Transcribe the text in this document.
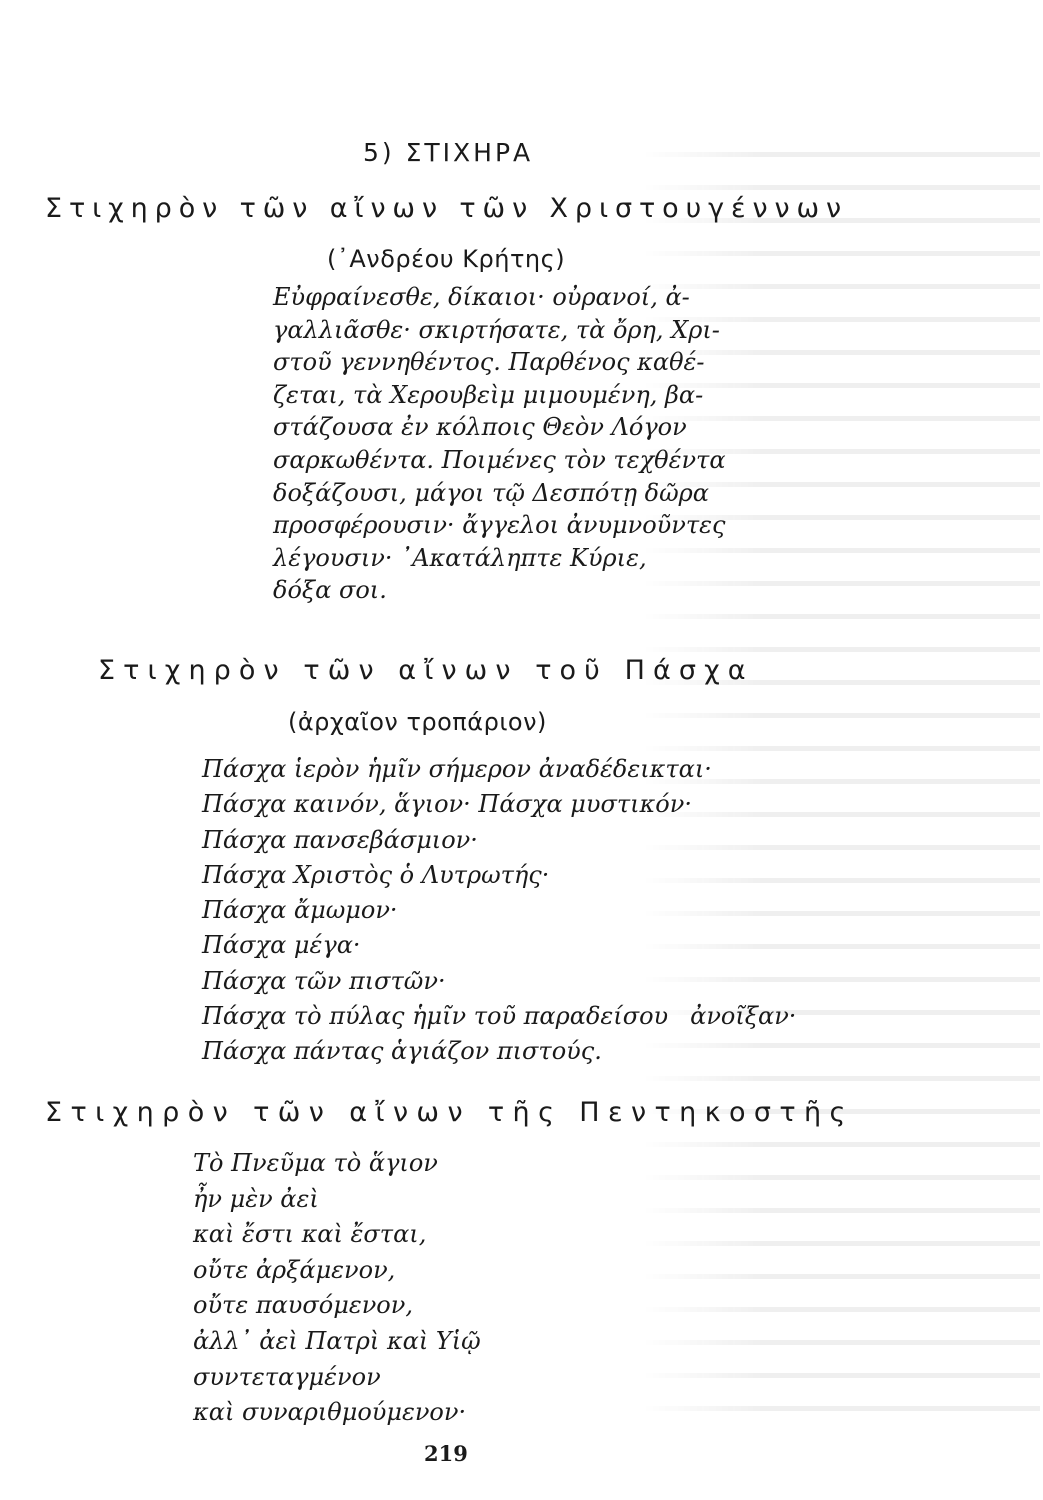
5) ΣΤΙΧΗΡΑ
Στιχηρὸν τῶν αἴνων τῶν Χριστουγέννων
(᾿Ανδρέου Κρήτης)
Εὐφραίνεσθε, δίκαιοι· οὐρανοί, ἀ-
γαλλιᾶσθε· σκιρτήσατε, τὰ ὄρη, Χρι-
στοῦ γεννηθέντος. Παρθένος καθέ-
ζεται, τὰ Χερουβεὶμ μιμουμένη, βα-
στάζουσα ἐν κόλποις Θεὸν Λόγον
σαρκωθέντα. Ποιμένες τὸν τεχθέντα
δοξάζουσι, μάγοι τῷ Δεσπότῃ δῶρα
προσφέρουσιν· ἄγγελοι ἀνυμνοῦντες
λέγουσιν· ᾿Ακατάληπτε Κύριε,
δόξα σοι.
Στιχηρὸν τῶν αἴνων τοῦ Πάσχα
(ἀρχαῖον τροπάριον)
Πάσχα ἱερὸν ἡμῖν σήμερον ἀναδέδεικται·
Πάσχα καινόν, ἅγιον· Πάσχα μυστικόν·
Πάσχα πανσεβάσμιον·
Πάσχα Χριστὸς ὁ Λυτρωτής·
Πάσχα ἄμωμον·
Πάσχα μέγα·
Πάσχα τῶν πιστῶν·
Πάσχα τὸ πύλας ἡμῖν τοῦ παραδείσου ἀνοῖξαν·
Πάσχα πάντας ἁγιάζον πιστούς.
Στιχηρὸν τῶν αἴνων τῆς Πεντηκοστῆς
Τὸ Πνεῦμα τὸ ἅγιον
ἦν μὲν ἀεὶ
καὶ ἔστι καὶ ἔσται,
οὔτε ἀρξάμενον,
οὔτε παυσόμενον,
ἀλλ᾿ ἀεὶ Πατρὶ καὶ Υἱῷ
συντεταγμένον
καὶ συναριθμούμενον·
219
